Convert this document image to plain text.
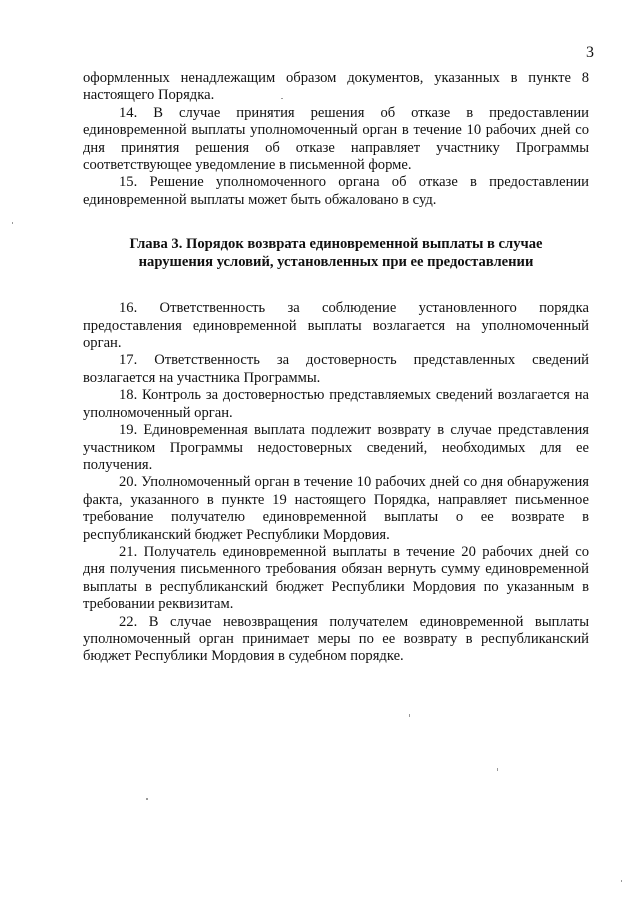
3

оформленных ненадлежащим образом документов, указанных в пункте 8 настоящего Порядка.

14. В случае принятия решения об отказе в предоставлении единовременной выплаты уполномоченный орган в течение 10 рабочих дней со дня принятия решения об отказе направляет участнику Программы соответствующее уведомление в письменной форме.

15. Решение уполномоченного органа об отказе в предоставлении единовременной выплаты может быть обжаловано в суд.

Глава 3. Порядок возврата единовременной выплаты в случае
нарушения условий, установленных при ее предоставлении

16. Ответственность за соблюдение установленного порядка предоставления единовременной выплаты возлагается на уполномоченный орган.

17. Ответственность за достоверность представленных сведений возлагается на участника Программы.

18. Контроль за достоверностью представляемых сведений возлагается на уполномоченный орган.

19. Единовременная выплата подлежит возврату в случае представления участником Программы недостоверных сведений, необходимых для ее получения.

20. Уполномоченный орган в течение 10 рабочих дней со дня обнаружения факта, указанного в пункте 19 настоящего Порядка, направляет письменное требование получателю единовременной выплаты о ее возврате в республиканский бюджет Республики Мордовия.

21. Получатель единовременной выплаты в течение 20 рабочих дней со дня получения письменного требования обязан вернуть сумму единовременной выплаты в республиканский бюджет Республики Мордовия по указанным в требовании реквизитам.

22. В случае невозвращения получателем единовременной выплаты уполномоченный орган принимает меры по ее возврату в республиканский бюджет Республики Мордовия в судебном порядке.
